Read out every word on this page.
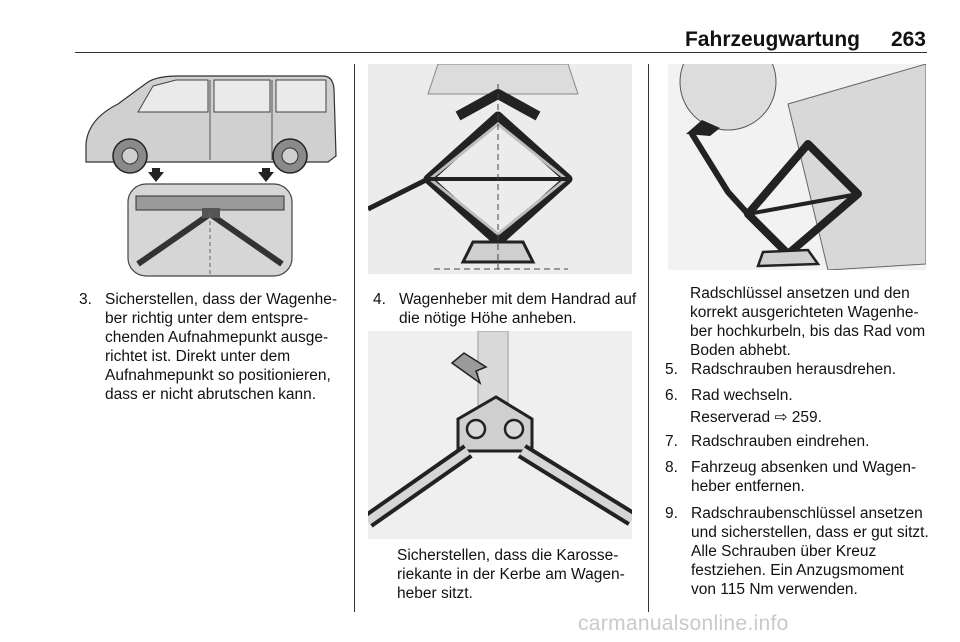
Fahrzeugwartung	263
3. Sicherstellen, dass der Wagenheber richtig unter dem entsprechenden Aufnahmepunkt ausgerichtet ist. Direkt unter dem Aufnahmepunkt so positionieren, dass er nicht abrutschen kann.
4. Wagenheber mit dem Handrad auf die nötige Höhe anheben.
Sicherstellen, dass die Karosseriekante in der Kerbe am Wagenheber sitzt.
Radschlüssel ansetzen und den korrekt ausgerichteten Wagenheber hochkurbeln, bis das Rad vom Boden abhebt.
5. Radschrauben herausdrehen.
6. Rad wechseln.
Reserverad ⇨ 259.
7. Radschrauben eindrehen.
8. Fahrzeug absenken und Wagenheber entfernen.
9. Radschraubenschlüssel ansetzen und sicherstellen, dass er gut sitzt. Alle Schrauben über Kreuz festziehen. Ein Anzugsmoment von 115 Nm verwenden.
carmanualsonline.info
